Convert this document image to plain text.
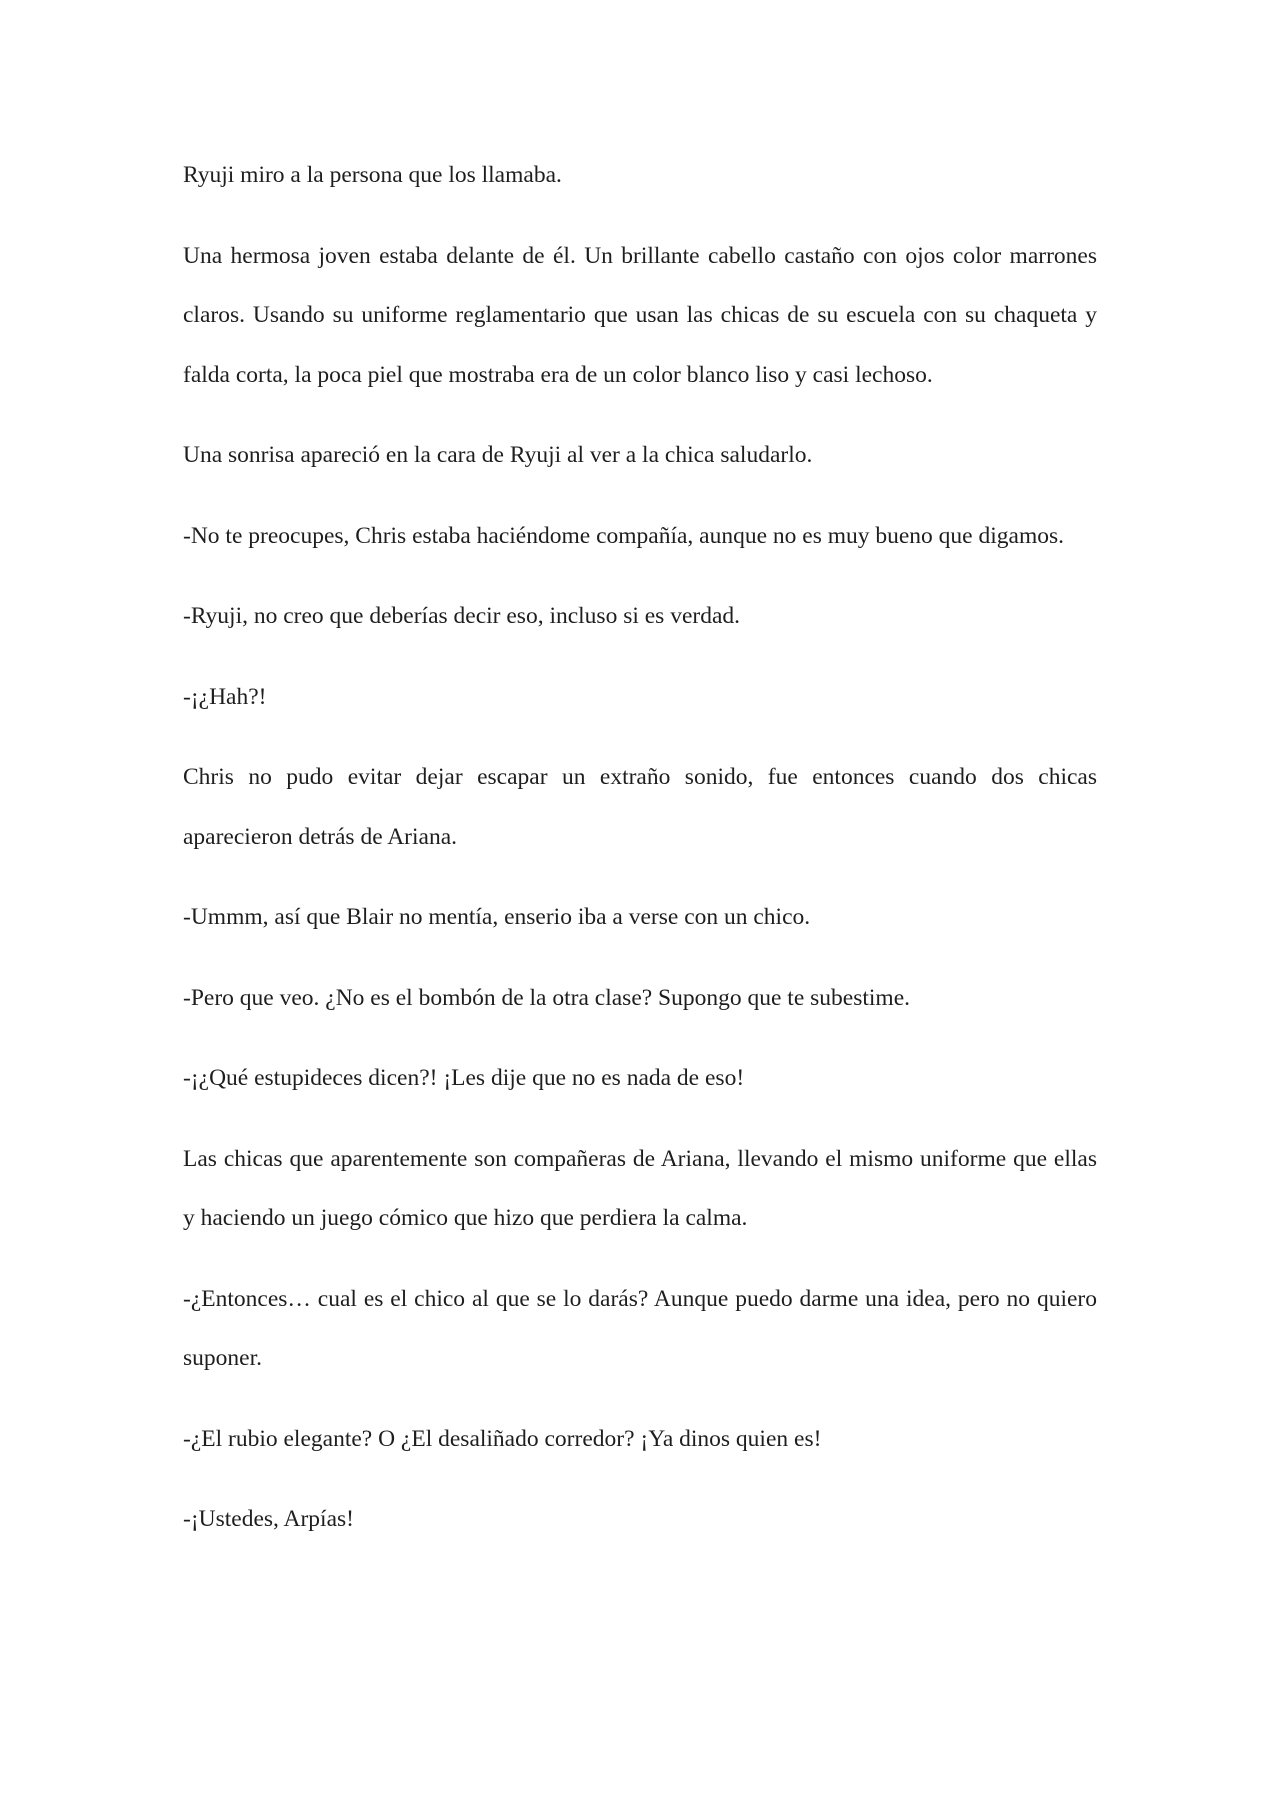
Ryuji miro a la persona que los llamaba.

Una hermosa joven estaba delante de él. Un brillante cabello castaño con ojos color marrones claros. Usando su uniforme reglamentario que usan las chicas de su escuela con su chaqueta y falda corta, la poca piel que mostraba era de un color blanco liso y casi lechoso.

Una sonrisa apareció en la cara de Ryuji al ver a la chica saludarlo.

-No te preocupes, Chris estaba haciéndome compañía, aunque no es muy bueno que digamos.

-Ryuji, no creo que deberías decir eso, incluso si es verdad.

-¡¿Hah?!

Chris no pudo evitar dejar escapar un extraño sonido, fue entonces cuando dos chicas aparecieron detrás de Ariana.

-Ummm, así que Blair no mentía, enserio iba a verse con un chico.

-Pero que veo. ¿No es el bombón de la otra clase? Supongo que te subestime.

-¡¿Qué estupideces dicen?! ¡Les dije que no es nada de eso!

Las chicas que aparentemente son compañeras de Ariana, llevando el mismo uniforme que ellas y haciendo un juego cómico que hizo que perdiera la calma.

-¿Entonces… cual es el chico al que se lo darás? Aunque puedo darme una idea, pero no quiero suponer.

-¿El rubio elegante? O ¿El desaliñado corredor? ¡Ya dinos quien es!

-¡Ustedes, Arpías!
